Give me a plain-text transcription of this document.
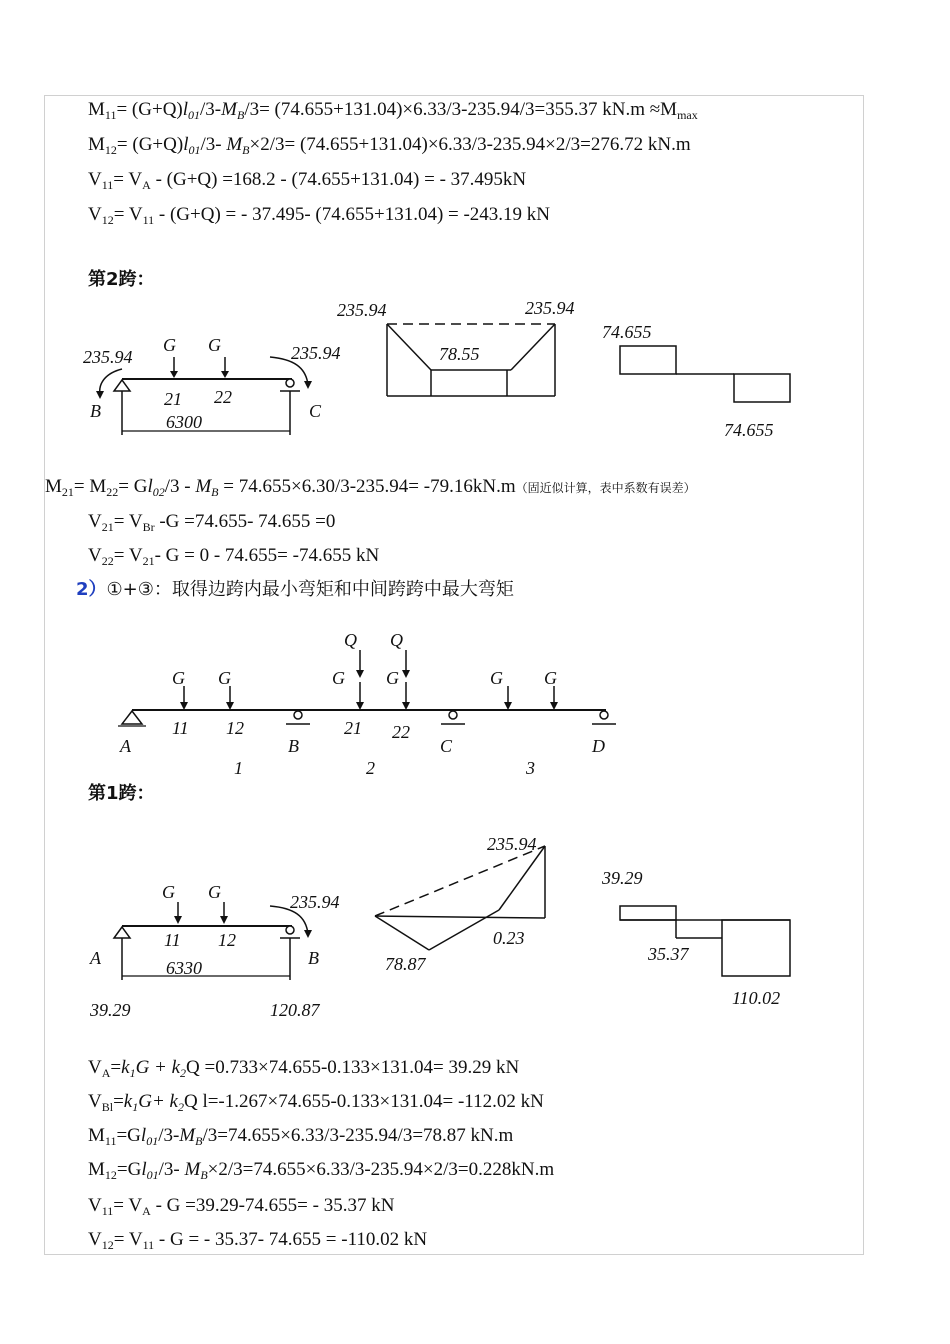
$M_{11}= (G+Q)l_{01}/3-M_B/3= (74.655+131.04)\times 6.33/3-235.94/3=355.37$ $kN.m \approx M_{max}$
$M_{12}= (G+Q)l_{01}/3-$ $M_B\times 2/3= (74.655+131.04)\times 6.33/3-235.94\times 2/3=276.72$ kN.m
$V_{11}= V_A - (G+Q) =168.2 - (74.655+131.04)$ = - 37.495kN
$V_{12}= V_{11} - (G+Q)$ = - 37.495- (74.655+131.04) = -243.19 kN
第2跨：
235.94
G G	235.94
21 22
B	C
6300
235.94	235.94
78.55
74.655
74.655
$M_{21}= M_{22}= Gl_{02}/3 - M_B = 74.655\times 6.30/3-235.94= -79.16kN.m$（固近似计算，表中系数有误差）
$V_{21}= V_{Br}$ -G =74.655- 74.655 =0
$V_{22}= V_{21}-$ G = 0 - 74.655= -74.655 kN
2）①+③：取得边跨内最小弯矩和中间跨跨中最大弯矩
Q Q
G G	G G	G G
11 12	21 22
A	B	C	D
1	2	3
第1跨：
G G	235.94
11 12
A	B
6330
39.29	120.87
235.94
0.23
78.87
39.29
35.37
110.02
$V_A=k_1G + k_2Q =0.733\times 74.655-0.133\times 131.04= 39.29$ kN
$V_{Bl}=k_1G+ k_2Q$ l=-1.267×74.655-0.133×131.04= -112.02 kN
$M_{11}=Gl_{01}/3-M_B/3=74.655\times 6.33/3-235.94/3=78.87$ kN.m
$M_{12}=Gl_{01}/3-$ $M_B\times 2/3=74.655\times 6.33/3-235.94\times 2/3=0.228kN.m$
$V_{11}= V_A - G =39.29-74.655= - 35.37$ kN
$V_{12}= V_{11} - G$ = - 35.37- 74.655 = -110.02 kN
